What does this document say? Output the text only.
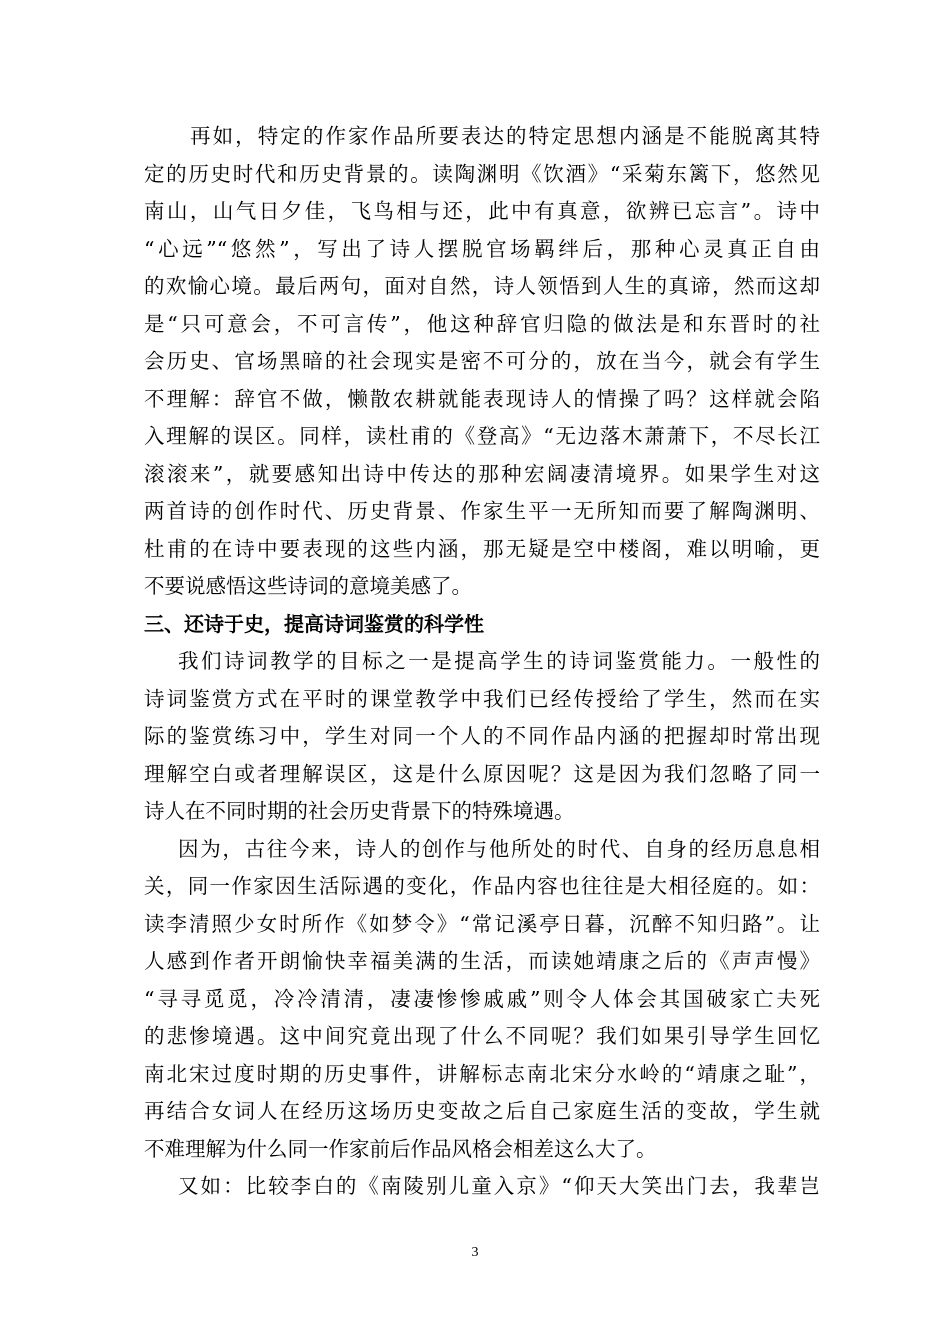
再如，特定的作家作品所要表达的特定思想内涵是不能脱离其特
定的历史时代和历史背景的。读陶渊明《饮酒》“采菊东篱下，悠然见
南山，山气日夕佳，飞鸟相与还，此中有真意，欲辨已忘言”。诗中
“心远”“悠然”，写出了诗人摆脱官场羁绊后，那种心灵真正自由
的欢愉心境。最后两句，面对自然，诗人领悟到人生的真谛，然而这却
是“只可意会，不可言传”，他这种辞官归隐的做法是和东晋时的社
会历史、官场黑暗的社会现实是密不可分的，放在当今，就会有学生
不理解：辞官不做，懒散农耕就能表现诗人的情操了吗？这样就会陷
入理解的误区。同样，读杜甫的《登高》“无边落木萧萧下，不尽长江
滚滚来”，就要感知出诗中传达的那种宏阔凄清境界。如果学生对这
两首诗的创作时代、历史背景、作家生平一无所知而要了解陶渊明、
杜甫的在诗中要表现的这些内涵，那无疑是空中楼阁，难以明喻，更
不要说感悟这些诗词的意境美感了。
三、还诗于史，提高诗词鉴赏的科学性
我们诗词教学的目标之一是提高学生的诗词鉴赏能力。一般性的
诗词鉴赏方式在平时的课堂教学中我们已经传授给了学生，然而在实
际的鉴赏练习中，学生对同一个人的不同作品内涵的把握却时常出现
理解空白或者理解误区，这是什么原因呢？这是因为我们忽略了同一
诗人在不同时期的社会历史背景下的特殊境遇。
因为，古往今来，诗人的创作与他所处的时代、自身的经历息息相
关，同一作家因生活际遇的变化，作品内容也往往是大相径庭的。如：
读李清照少女时所作《如梦令》“常记溪亭日暮，沉醉不知归路”。让
人感到作者开朗愉快幸福美满的生活，而读她靖康之后的《声声慢》
“寻寻觅觅，冷冷清清，凄凄惨惨戚戚”则令人体会其国破家亡夫死
的悲惨境遇。这中间究竟出现了什么不同呢？我们如果引导学生回忆
南北宋过度时期的历史事件，讲解标志南北宋分水岭的“靖康之耻”，
再结合女词人在经历这场历史变故之后自己家庭生活的变故，学生就
不难理解为什么同一作家前后作品风格会相差这么大了。
又如：比较李白的《南陵别儿童入京》“仰天大笑出门去，我辈岂
3
